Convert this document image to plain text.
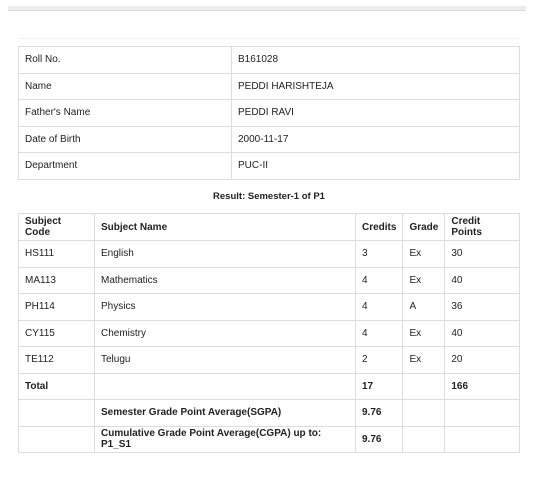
Roll No.	B161028
Name	PEDDI HARISHTEJA
Father's Name	PEDDI RAVI
Date of Birth	2000-11-17
Department	PUC-II
Result: Semester-1 of P1
Subject Code	Subject Name	Credits	Grade	Credit Points
HS111	English	3	Ex	30
MA113	Mathematics	4	Ex	40
PH114	Physics	4	A	36
CY115	Chemistry	4	Ex	40
TE112	Telugu	2	Ex	20
Total		17		166
	Semester Grade Point Average(SGPA)	9.76		
	Cumulative Grade Point Average(CGPA) up to: P1_S1	9.76		
